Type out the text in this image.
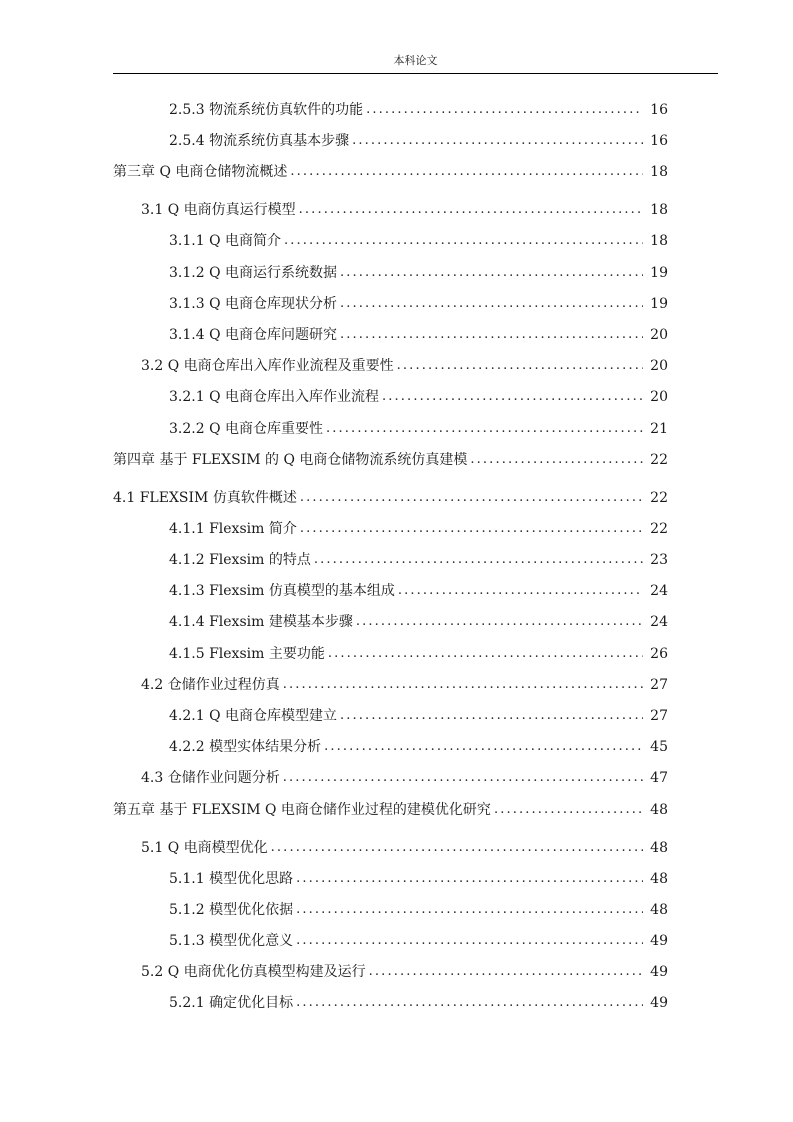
本科论文
2.5.3 物流系统仿真软件的功能 . . .	16
2.5.4 物流系统仿真基本步骤 . . .	16
第三章 Q 电商仓储物流概述 . . .	18
3.1 Q 电商仿真运行模型 . . .	18
3.1.1 Q 电商简介 . . .	18
3.1.2 Q 电商运行系统数据 . . .	19
3.1.3 Q 电商仓库现状分析 . . .	19
3.1.4 Q 电商仓库问题研究 . . .	20
3.2 Q 电商仓库出入库作业流程及重要性 . . .	20
3.2.1 Q 电商仓库出入库作业流程 . . .	20
3.2.2 Q 电商仓库重要性 . . .	21
第四章 基于 FLEXSIM 的 Q 电商仓储物流系统仿真建模 . . .	22
4.1 FLEXSIM 仿真软件概述 . . .	22
4.1.1 Flexsim 简介 . . .	22
4.1.2 Flexsim 的特点 . . .	23
4.1.3 Flexsim 仿真模型的基本组成 . . .	24
4.1.4 Flexsim 建模基本步骤 . . .	24
4.1.5 Flexsim 主要功能 . . .	26
4.2 仓储作业过程仿真 . . .	27
4.2.1 Q 电商仓库模型建立 . . .	27
4.2.2 模型实体结果分析 . . .	45
4.3 仓储作业问题分析 . . .	47
第五章 基于 FLEXSIM Q 电商仓储作业过程的建模优化研究 . . .	48
5.1 Q 电商模型优化 . . .	48
5.1.1 模型优化思路 . . .	48
5.1.2 模型优化依据 . . .	48
5.1.3 模型优化意义 . . .	49
5.2 Q 电商优化仿真模型构建及运行 . . .	49
5.2.1 确定优化目标 . . .	49
